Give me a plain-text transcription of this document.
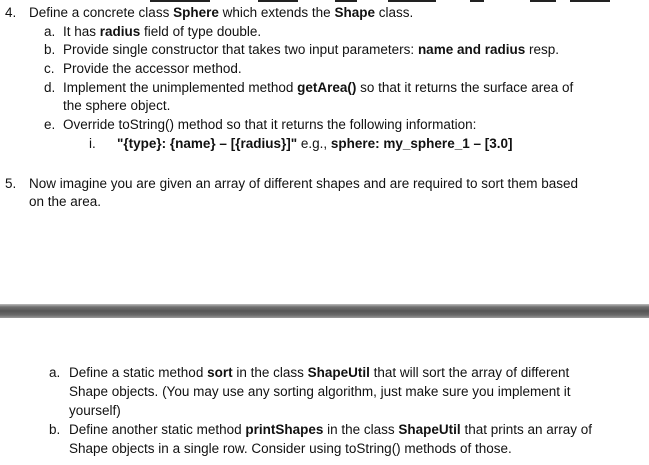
4. Define a concrete class Sphere which extends the Shape class.
a. It has radius field of type double.
b. Provide single constructor that takes two input parameters: name and radius resp.
c. Provide the accessor method.
d. Implement the unimplemented method getArea() so that it returns the surface area of
the sphere object.
e. Override toString() method so that it returns the following information:
i. "{type}: {name} – [{radius}]" e.g., sphere: my_sphere_1 – [3.0]
5. Now imagine you are given an array of different shapes and are required to sort them based
on the area.
a. Define a static method sort in the class ShapeUtil that will sort the array of different
Shape objects. (You may use any sorting algorithm, just make sure you implement it
yourself)
b. Define another static method printShapes in the class ShapeUtil that prints an array of
Shape objects in a single row. Consider using toString() methods of those.
